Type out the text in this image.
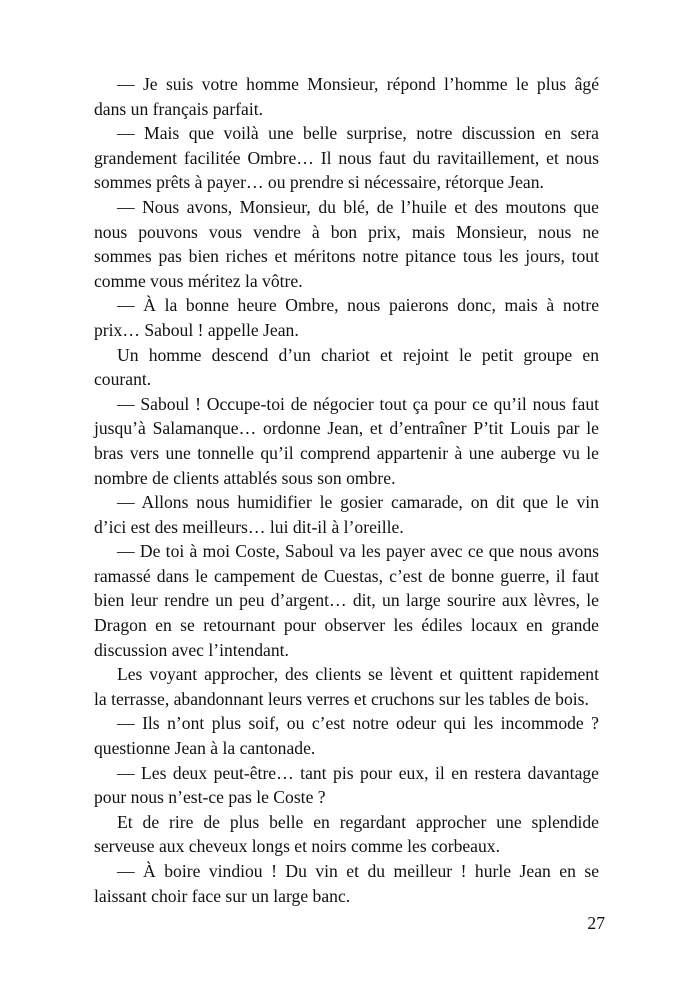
— Je suis votre homme Monsieur, répond l’homme le plus âgé
dans un français parfait.
— Mais que voilà une belle surprise, notre discussion en sera
grandement facilitée Ombre… Il nous faut du ravitaillement, et nous
sommes prêts à payer… ou prendre si nécessaire, rétorque Jean.
— Nous avons, Monsieur, du blé, de l’huile et des moutons que
nous pouvons vous vendre à bon prix, mais Monsieur, nous ne
sommes pas bien riches et méritons notre pitance tous les jours, tout
comme vous méritez la vôtre.
— À la bonne heure Ombre, nous paierons donc, mais à notre
prix… Saboul ! appelle Jean.
Un homme descend d’un chariot et rejoint le petit groupe en
courant.
— Saboul ! Occupe-toi de négocier tout ça pour ce qu’il nous faut
jusqu’à Salamanque… ordonne Jean, et d’entraîner P’tit Louis par le
bras vers une tonnelle qu’il comprend appartenir à une auberge vu le
nombre de clients attablés sous son ombre.
— Allons nous humidifier le gosier camarade, on dit que le vin
d’ici est des meilleurs… lui dit-il à l’oreille.
— De toi à moi Coste, Saboul va les payer avec ce que nous avons
ramassé dans le campement de Cuestas, c’est de bonne guerre, il faut
bien leur rendre un peu d’argent… dit, un large sourire aux lèvres, le
Dragon en se retournant pour observer les édiles locaux en grande
discussion avec l’intendant.
Les voyant approcher, des clients se lèvent et quittent rapidement
la terrasse, abandonnant leurs verres et cruchons sur les tables de bois.
— Ils n’ont plus soif, ou c’est notre odeur qui les incommode ?
questionne Jean à la cantonade.
— Les deux peut-être… tant pis pour eux, il en restera davantage
pour nous n’est-ce pas le Coste ?
Et de rire de plus belle en regardant approcher une splendide
serveuse aux cheveux longs et noirs comme les corbeaux.
— À boire vindiou ! Du vin et du meilleur ! hurle Jean en se
laissant choir face sur un large banc.
27
